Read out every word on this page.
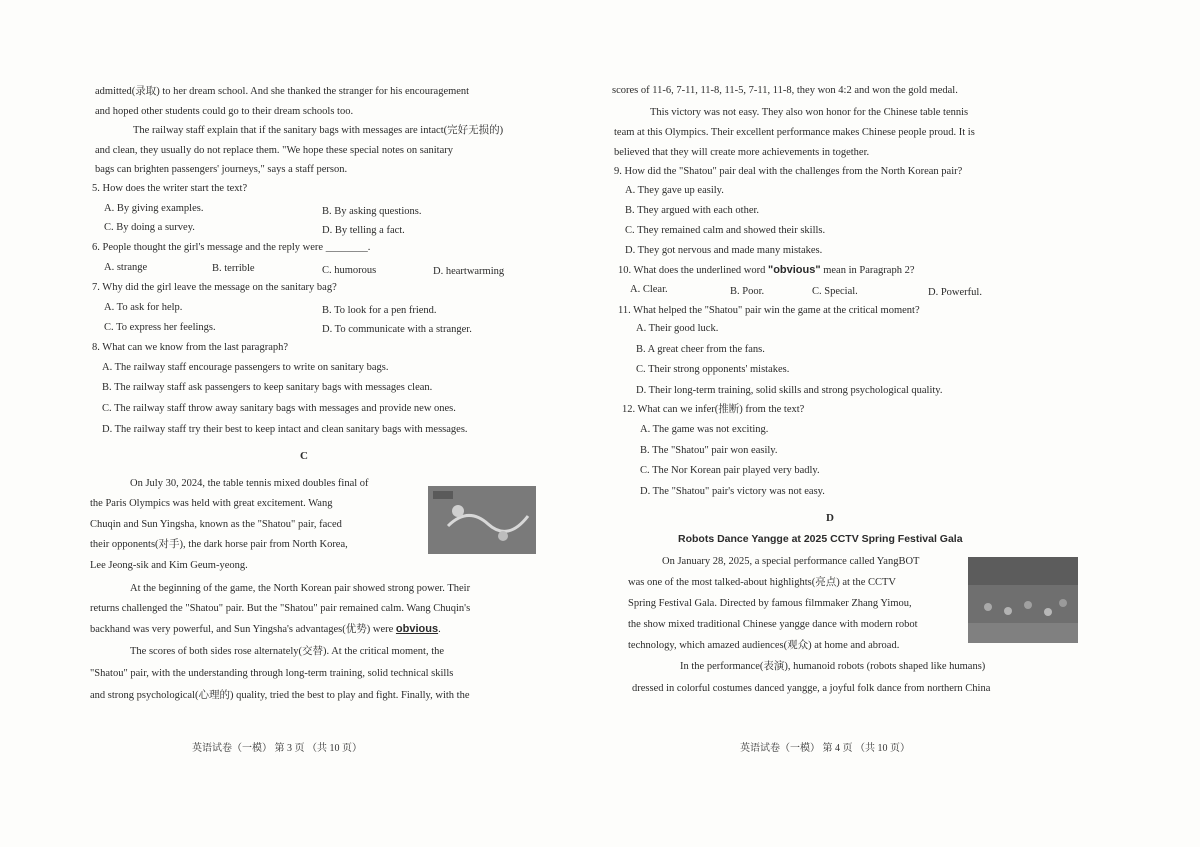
admitted(录取) to her dream school. And she thanked the stranger for his encouragement
and hoped other students could go to their dream schools too.
The railway staff explain that if the sanitary bags with messages are intact(完好无损的)
and clean, they usually do not replace them. "We hope these special notes on sanitary
bags can brighten passengers' journeys," says a staff person.
5. How does the writer start the text?
A. By giving examples.	B. By asking questions.
C. By doing a survey.	D. By telling a fact.
6. People thought the girl's message and the reply were ________.
A. strange	B. terrible	C. humorous	D. heartwarming
7. Why did the girl leave the message on the sanitary bag?
A. To ask for help.	B. To look for a pen friend.
C. To express her feelings.	D. To communicate with a stranger.
8. What can we know from the last paragraph?
A. The railway staff encourage passengers to write on sanitary bags.
B. The railway staff ask passengers to keep sanitary bags with messages clean.
C. The railway staff throw away sanitary bags with messages and provide new ones.
D. The railway staff try their best to keep intact and clean sanitary bags with messages.
C
On July 30, 2024, the table tennis mixed doubles final of
the Paris Olympics was held with great excitement. Wang
Chuqin and Sun Yingsha, known as the "Shatou" pair, faced
their opponents(对手), the dark horse pair from North Korea,
Lee Jeong-sik and Kim Geum-yeong.
At the beginning of the game, the North Korean pair showed strong power. Their
returns challenged the "Shatou" pair. But the "Shatou" pair remained calm. Wang Chuqin's
backhand was very powerful, and Sun Yingsha's advantages(优势) were obvious.
The scores of both sides rose alternately(交替). At the critical moment, the
"Shatou" pair, with the understanding through long-term training, solid technical skills
and strong psychological(心理的) quality, tried the best to play and fight. Finally, with the
英语试卷（一模） 第 3 页 （共 10 页）
scores of 11-6, 7-11, 11-8, 11-5, 7-11, 11-8, they won 4:2 and won the gold medal.
This victory was not easy. They also won honor for the Chinese table tennis
team at this Olympics. Their excellent performance makes Chinese people proud. It is
believed that they will create more achievements in together.
9. How did the "Shatou" pair deal with the challenges from the North Korean pair?
A. They gave up easily.
B. They argued with each other.
C. They remained calm and showed their skills.
D. They got nervous and made many mistakes.
10. What does the underlined word "obvious" mean in Paragraph 2?
A. Clear.	B. Poor.	C. Special.	D. Powerful.
11. What helped the "Shatou" pair win the game at the critical moment?
A. Their good luck.
B. A great cheer from the fans.
C. Their strong opponents' mistakes.
D. Their long-term training, solid skills and strong psychological quality.
12. What can we infer(推断) from the text?
A. The game was not exciting.
B. The "Shatou" pair won easily.
C. The Nor Korean pair played very badly.
D. The "Shatou" pair's victory was not easy.
D
Robots Dance Yangge at 2025 CCTV Spring Festival Gala
On January 28, 2025, a special performance called YangBOT
was one of the most talked-about highlights(亮点) at the CCTV
Spring Festival Gala. Directed by famous filmmaker Zhang Yimou,
the show mixed traditional Chinese yangge dance with modern robot
technology, which amazed audiences(观众) at home and abroad.
In the performance(表演), humanoid robots (robots shaped like humans)
dressed in colorful costumes danced yangge, a joyful folk dance from northern China
英语试卷（一模） 第 4 页 （共 10 页）
